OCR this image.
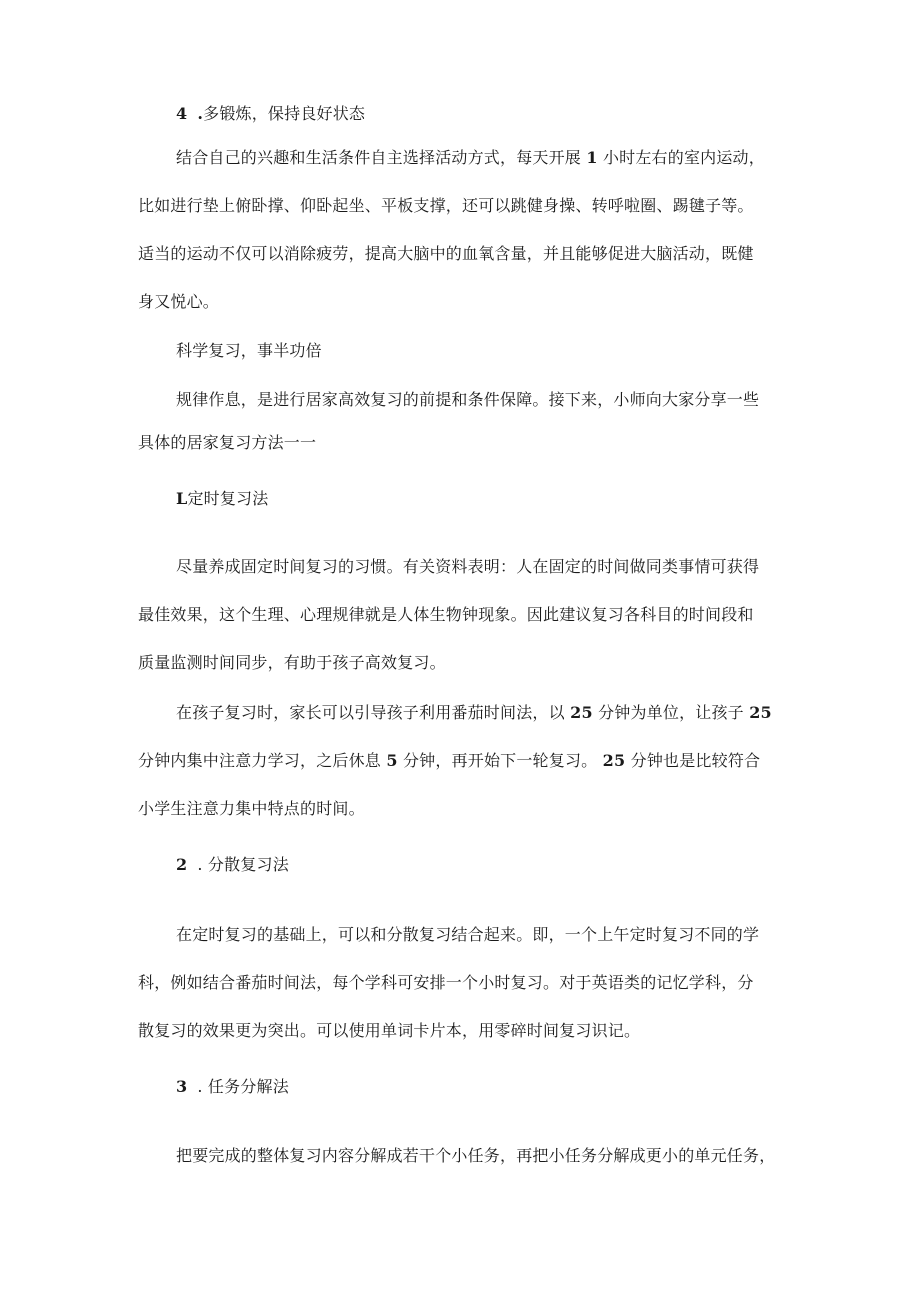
4 .多锻炼，保持良好状态
结合自己的兴趣和生活条件自主选择活动方式，每天开展 1 小时左右的室内运动，
比如进行垫上俯卧撑、仰卧起坐、平板支撑，还可以跳健身操、转呼啦圈、踢毽子等。
适当的运动不仅可以消除疲劳，提高大脑中的血氧含量，并且能够促进大脑活动，既健
身又悦心。
科学复习，事半功倍
规律作息，是进行居家高效复习的前提和条件保障。接下来，小师向大家分享一些
具体的居家复习方法一一
L定时复习法
尽量养成固定时间复习的习惯。有关资料表明：人在固定的时间做同类事情可获得
最佳效果，这个生理、心理规律就是人体生物钟现象。因此建议复习各科目的时间段和
质量监测时间同步，有助于孩子高效复习。
在孩子复习时，家长可以引导孩子利用番茄时间法，以 25 分钟为单位，让孩子 25
分钟内集中注意力学习，之后休息 5 分钟，再开始下一轮复习。 25 分钟也是比较符合
小学生注意力集中特点的时间。
2 . 分散复习法
在定时复习的基础上，可以和分散复习结合起来。即，一个上午定时复习不同的学
科，例如结合番茄时间法，每个学科可安排一个小时复习。对于英语类的记忆学科，分
散复习的效果更为突出。可以使用单词卡片本，用零碎时间复习识记。
3 . 任务分解法
把要完成的整体复习内容分解成若干个小任务，再把小任务分解成更小的单元任务，
